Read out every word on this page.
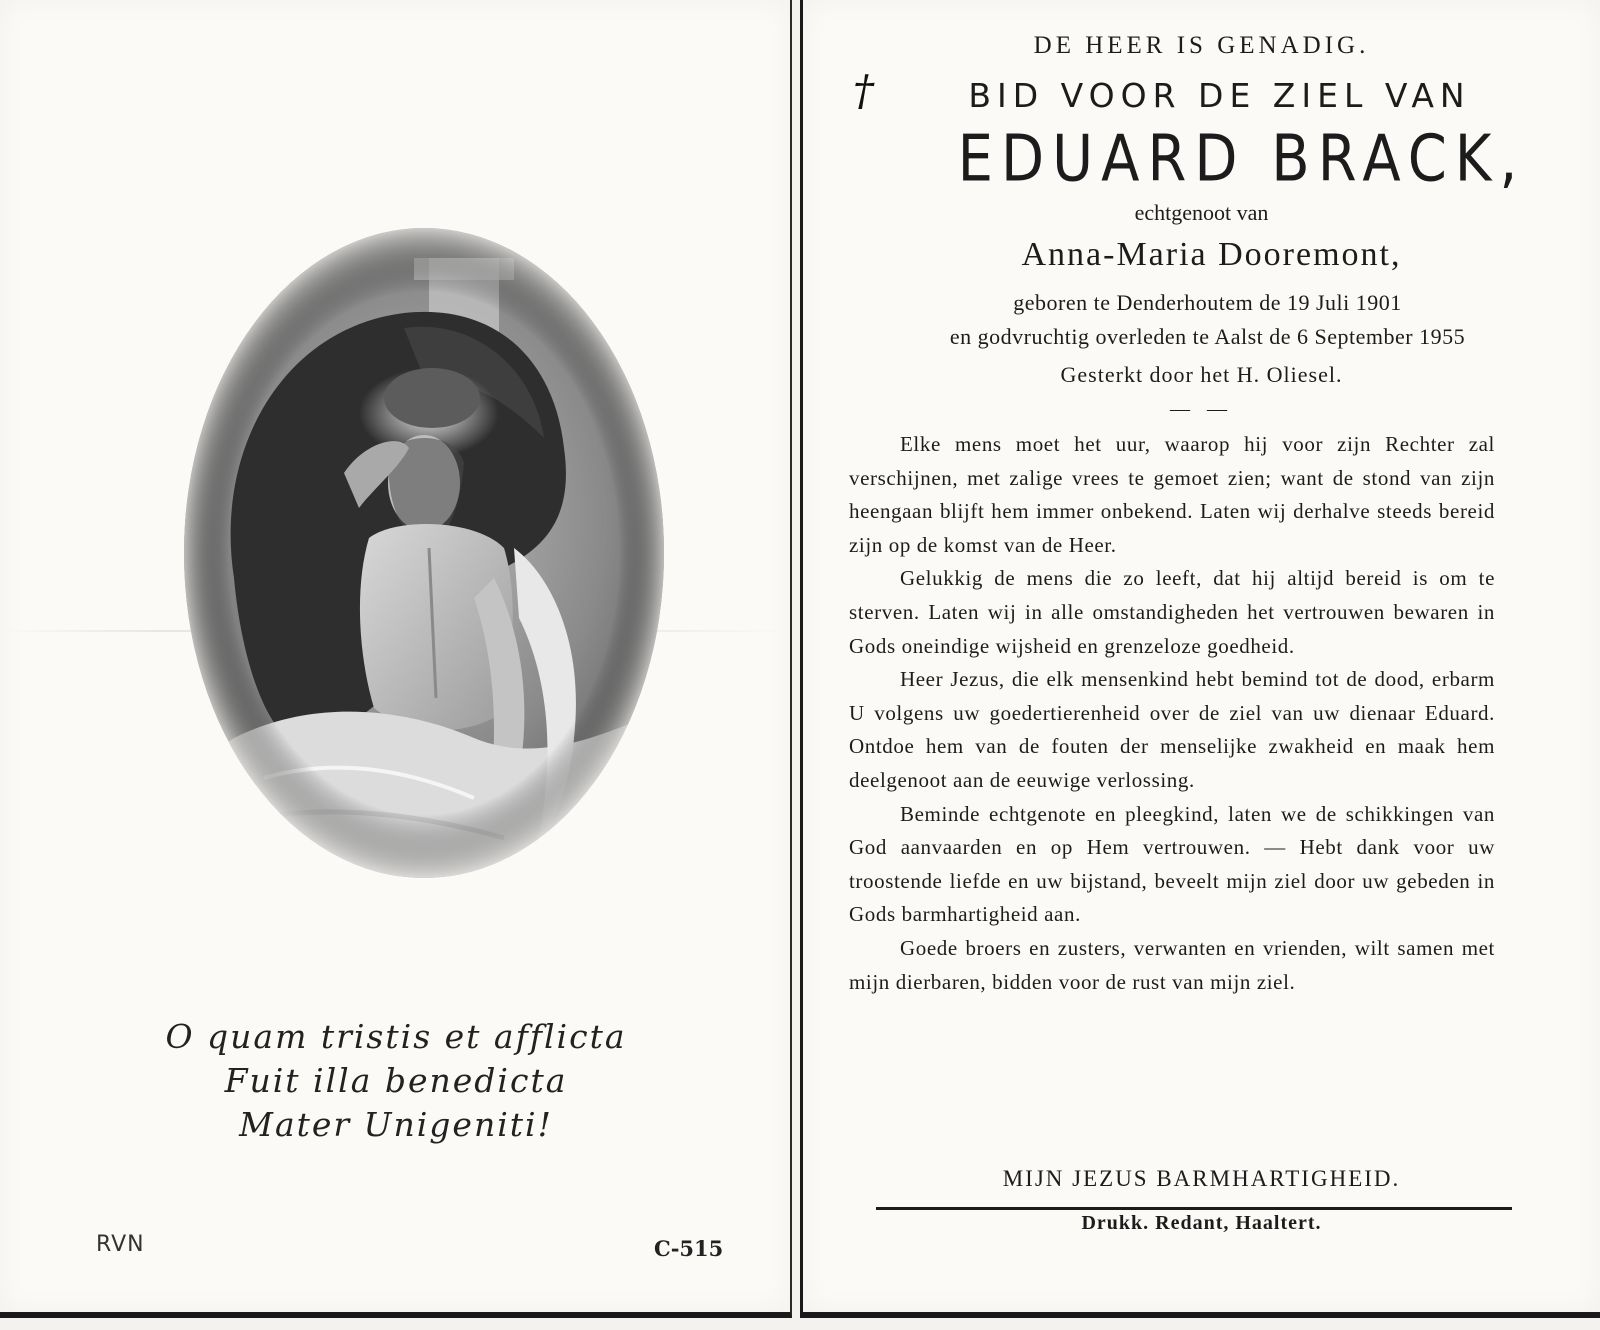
O quam tristis et afflicta
Fuit illa benedicta
Mater Unigeniti!
RVN	C-515
DE HEER IS GENADIG.
†	BID VOOR DE ZIEL VAN
EDUARD BRACK,
echtgenoot van
Anna-Maria Dooremont,
geboren te Denderhoutem de 19 Juli 1901
en godvruchtig overleden te Aalst de 6 September 1955
Gesterkt door het H. Oliesel.
— —

Elke mens moet het uur, waarop hij voor zijn Rechter zal verschijnen, met zalige vrees te gemoet zien; want de stond van zijn heengaan blijft hem immer onbekend. Laten wij derhalve steeds bereid zijn op de komst van de Heer.

Gelukkig de mens die zo leeft, dat hij altijd bereid is om te sterven. Laten wij in alle omstandigheden het vertrouwen bewaren in Gods oneindige wijsheid en grenzeloze goedheid.

Heer Jezus, die elk mensenkind hebt bemind tot de dood, erbarm U volgens uw goedertierenheid over de ziel van uw dienaar Eduard. Ontdoe hem van de fouten der menselijke zwakheid en maak hem deelgenoot aan de eeuwige verlossing.

Beminde echtgenote en pleegkind, laten we de schikkingen van God aanvaarden en op Hem vertrouwen. — Hebt dank voor uw troostende liefde en uw bijstand, beveelt mijn ziel door uw gebeden in Gods barmhartigheid aan.

Goede broers en zusters, verwanten en vrienden, wilt samen met mijn dierbaren, bidden voor de rust van mijn ziel.

MIJN JEZUS BARMHARTIGHEID.
Drukk. Redant, Haaltert.
